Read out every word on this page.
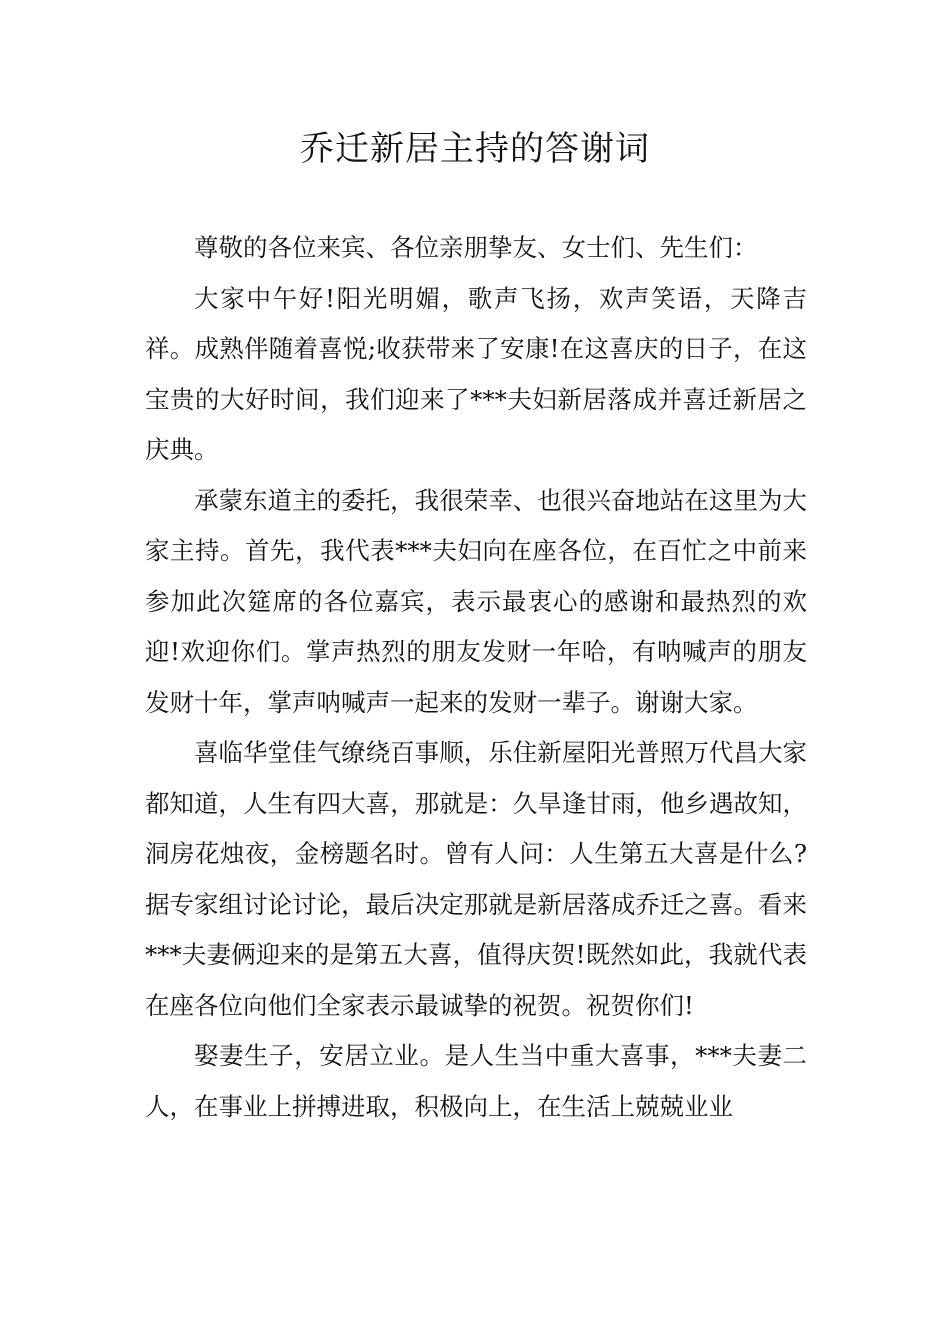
乔迁新居主持的答谢词

尊敬的各位来宾、各位亲朋挚友、女士们、先生们：

大家中午好!阳光明媚，歌声飞扬，欢声笑语，天降吉祥。成熟伴随着喜悦;收获带来了安康!在这喜庆的日子，在这宝贵的大好时间，我们迎来了***夫妇新居落成并喜迁新居之庆典。

承蒙东道主的委托，我很荣幸、也很兴奋地站在这里为大家主持。首先，我代表***夫妇向在座各位，在百忙之中前来参加此次筵席的各位嘉宾，表示最衷心的感谢和最热烈的欢迎!欢迎你们。掌声热烈的朋友发财一年哈，有呐喊声的朋友发财十年，掌声呐喊声一起来的发财一辈子。谢谢大家。

喜临华堂佳气缭绕百事顺，乐住新屋阳光普照万代昌大家都知道，人生有四大喜，那就是：久旱逢甘雨，他乡遇故知，洞房花烛夜，金榜题名时。曾有人问：人生第五大喜是什么?据专家组讨论讨论，最后决定那就是新居落成乔迁之喜。看来***夫妻俩迎来的是第五大喜，值得庆贺!既然如此，我就代表在座各位向他们全家表示最诚挚的祝贺。祝贺你们!

娶妻生子，安居立业。是人生当中重大喜事，***夫妻二人，在事业上拼搏进取，积极向上，在生活上兢兢业业
